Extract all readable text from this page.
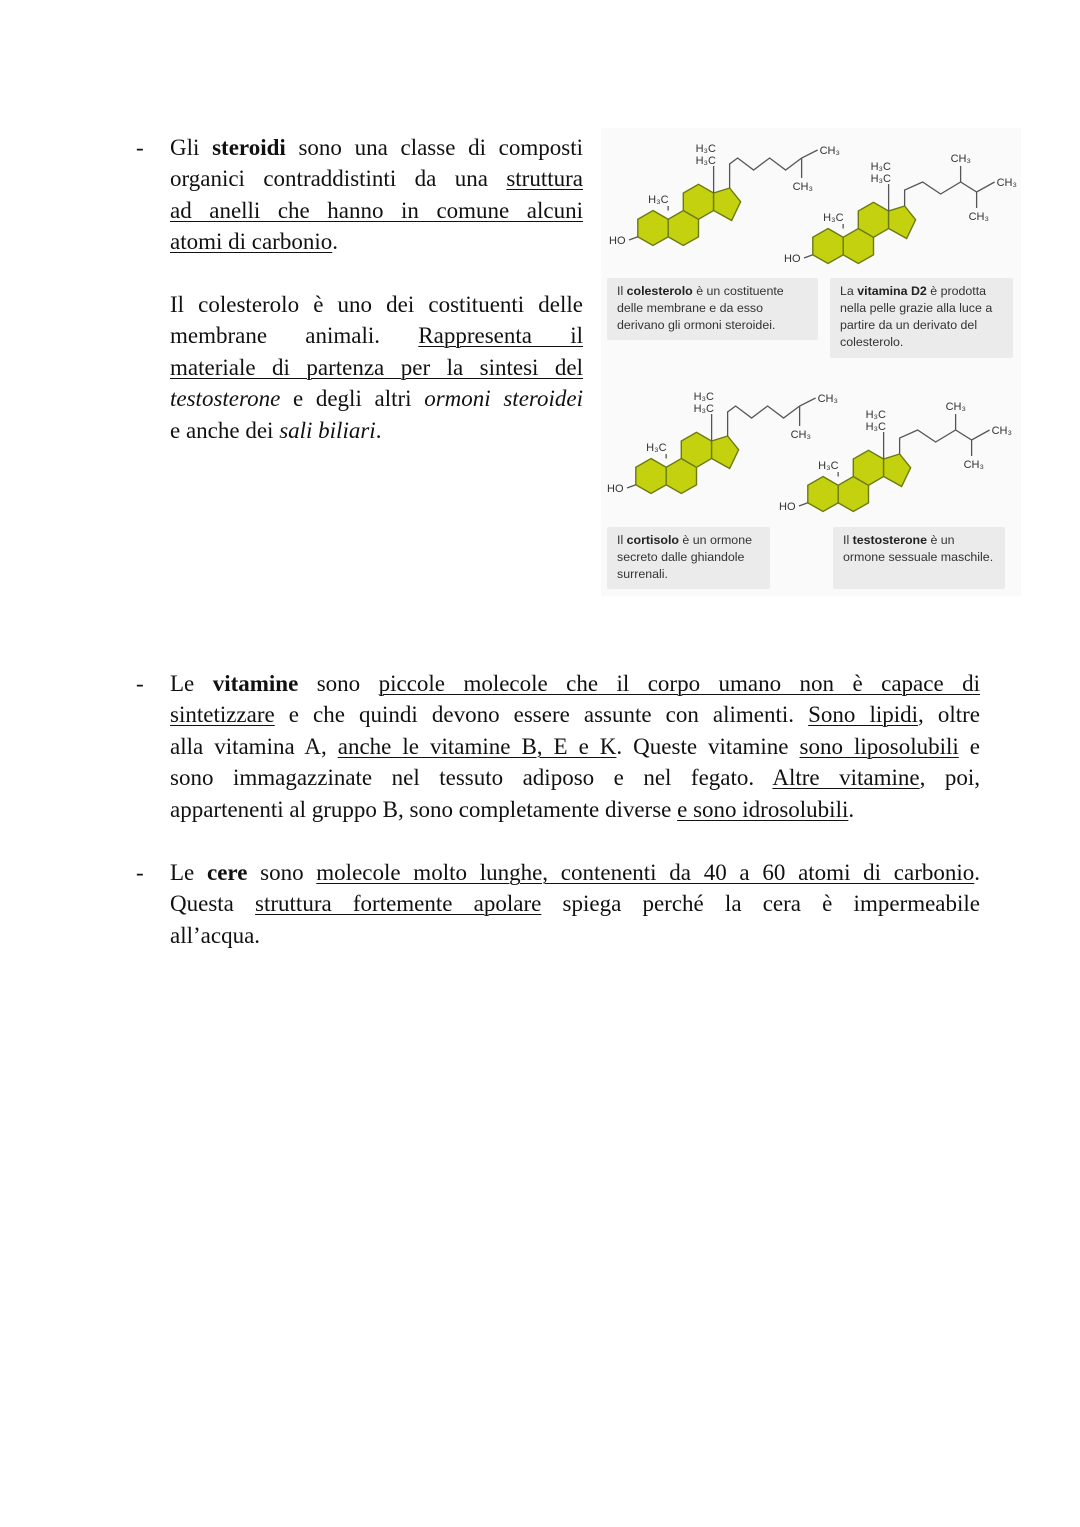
- Gli steroidi sono una classe di composti
organici contraddistinti da una struttura
ad anelli che hanno in comune alcuni
atomi di carbonio.
Il colesterolo è uno dei costituenti delle
membrane animali. Rappresenta il
materiale di partenza per la sintesi del
testosterone e degli altri ormoni steroidei
e anche dei sali biliari.
HO
H₃C
H₃C
H₃C
CH₃
CH₃
HO
H₃C
H₃C
H₃C
CH₃
CH₃
CH₃
HO
H₃C
H₃C
H₃C
CH₃
CH₃
HO
H₃C
H₃C
H₃C
CH₃
CH₃
CH₃
Il colesterolo è un costituente delle membrane e da esso derivano gli ormoni steroidei.
La vitamina D2 è prodotta nella pelle grazie alla luce a partire da un derivato del colesterolo.
Il cortisolo è un ormone secreto dalle ghiandole surrenali.
Il testosterone è un ormone sessuale maschile.
- Le vitamine sono piccole molecole che il corpo umano non è capace di
sintetizzare e che quindi devono essere assunte con alimenti. Sono lipidi, oltre
alla vitamina A, anche le vitamine B, E e K. Queste vitamine sono liposolubili e
sono immagazzinate nel tessuto adiposo e nel fegato. Altre vitamine, poi,
appartenenti al gruppo B, sono completamente diverse e sono idrosolubili.
- Le cere sono molecole molto lunghe, contenenti da 40 a 60 atomi di carbonio.
Questa struttura fortemente apolare spiega perché la cera è impermeabile
all’acqua.
